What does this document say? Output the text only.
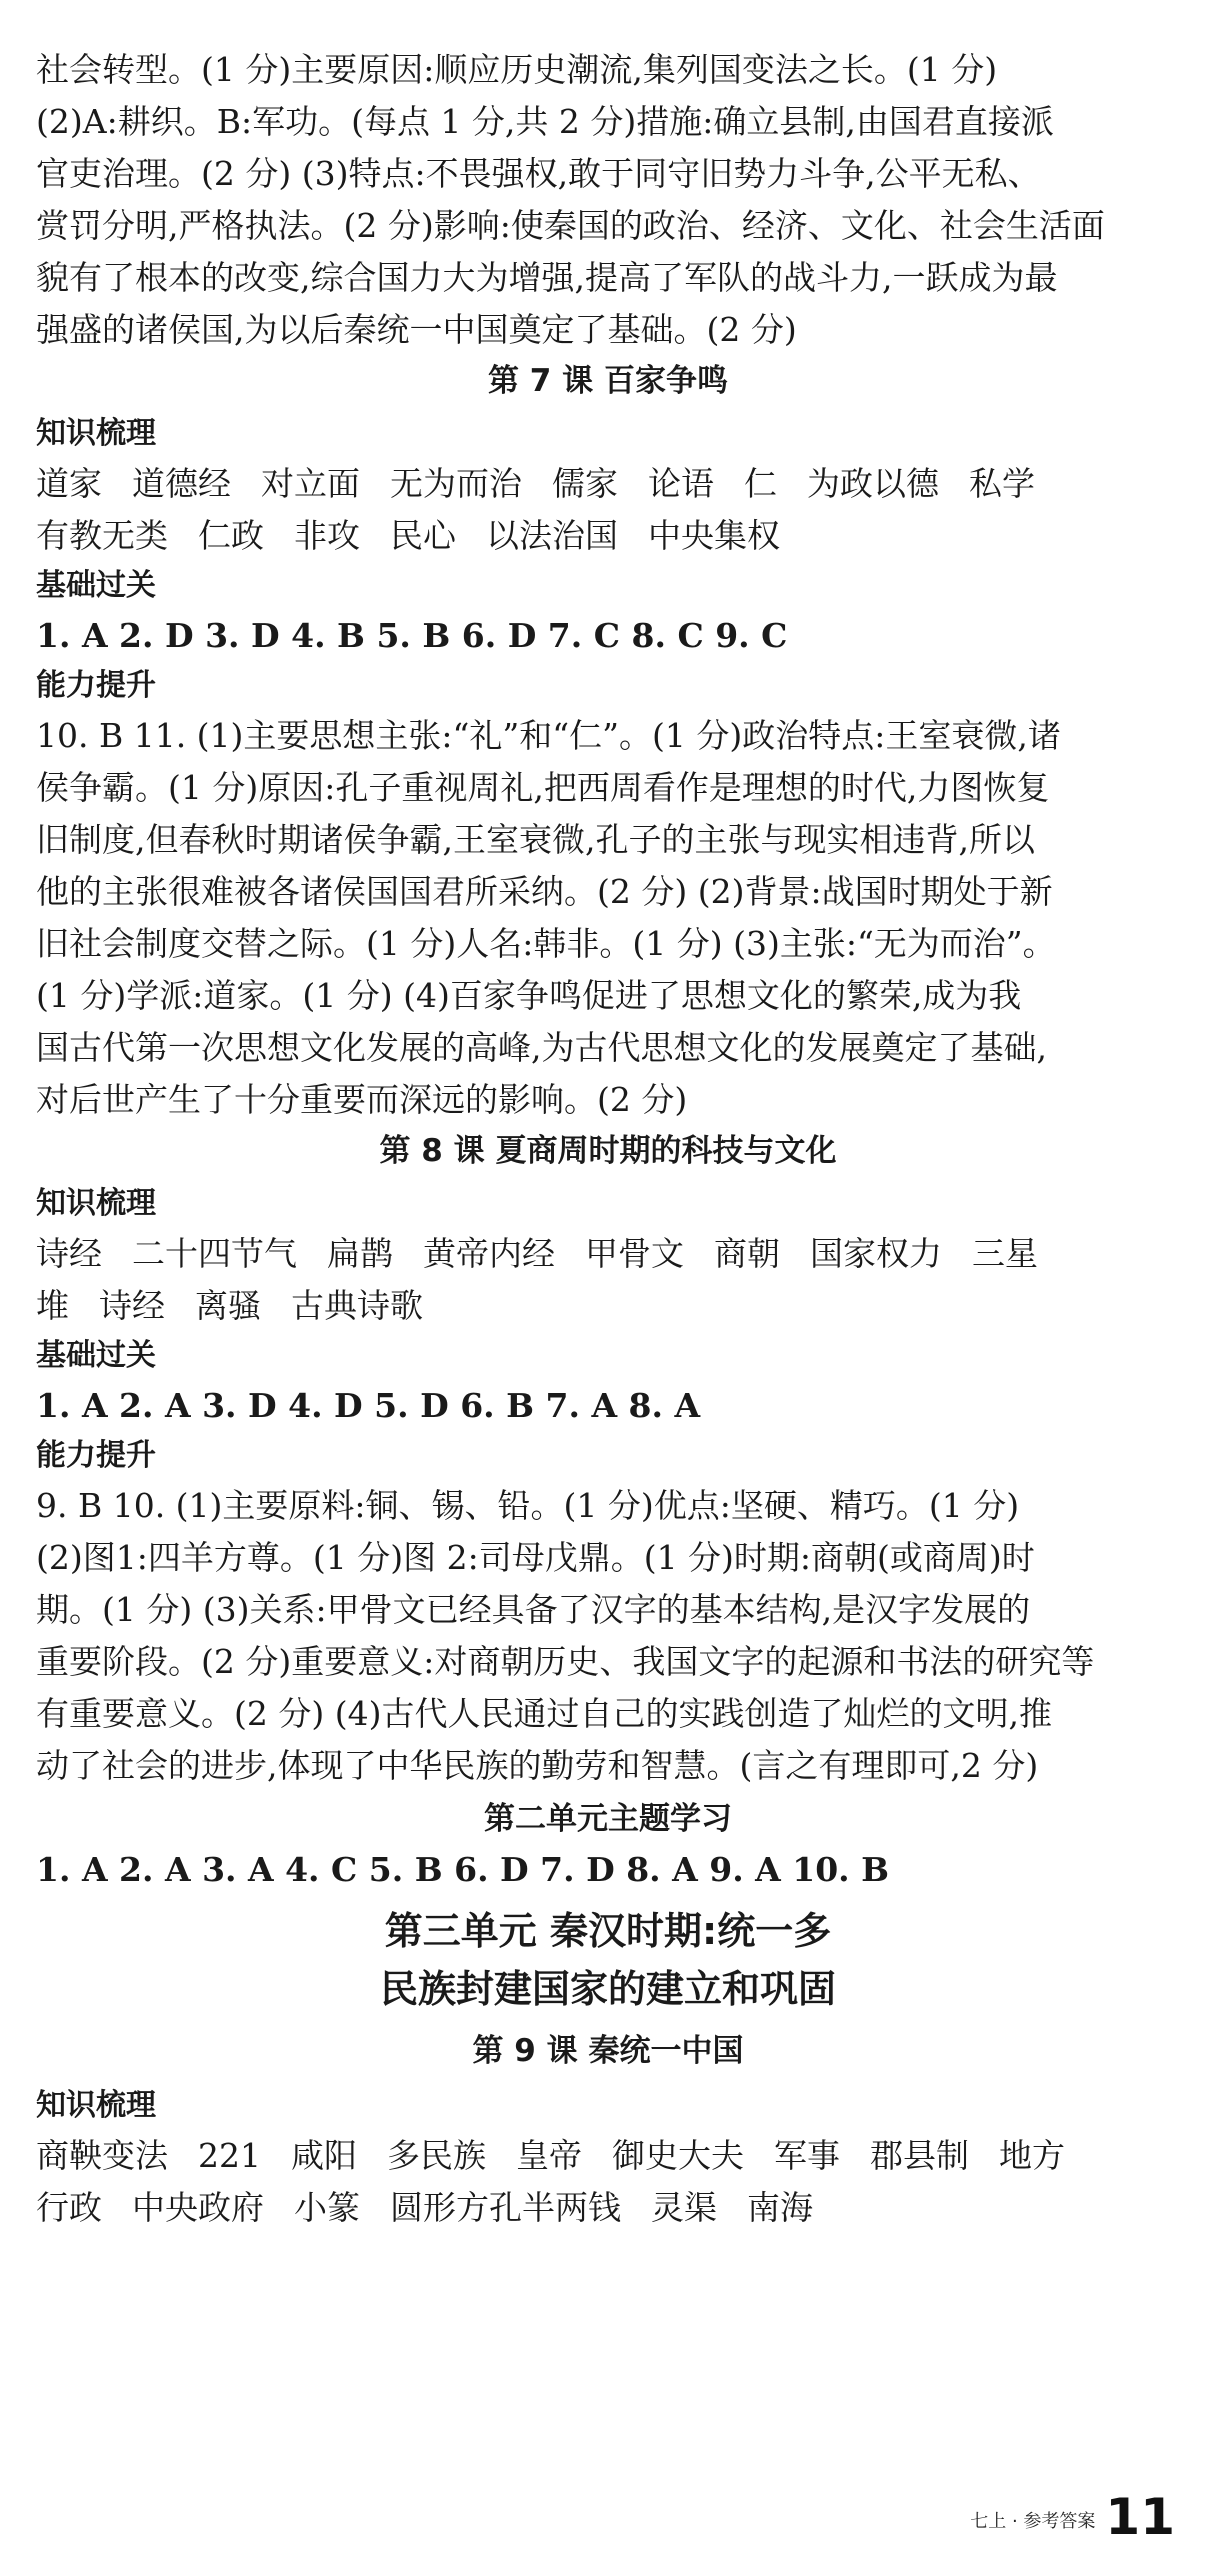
社会转型。(1 分)主要原因:顺应历史潮流,集列国变法之长。(1 分)
(2)A:耕织。B:军功。(每点 1 分,共 2 分)措施:确立县制,由国君直接派
官吏治理。(2 分) (3)特点:不畏强权,敢于同守旧势力斗争,公平无私、
赏罚分明,严格执法。(2 分)影响:使秦国的政治、经济、文化、社会生活面
貌有了根本的改变,综合国力大为增强,提高了军队的战斗力,一跃成为最
强盛的诸侯国,为以后秦统一中国奠定了基础。(2 分)
第 7 课 百家争鸣
知识梳理
道家 道德经 对立面 无为而治 儒家 论语 仁 为政以德 私学
有教无类 仁政 非攻 民心 以法治国 中央集权
基础过关
1. A 2. D 3. D 4. B 5. B 6. D 7. C 8. C 9. C
能力提升
10. B 11. (1)主要思想主张:“礼”和“仁”。(1 分)政治特点:王室衰微,诸
侯争霸。(1 分)原因:孔子重视周礼,把西周看作是理想的时代,力图恢复
旧制度,但春秋时期诸侯争霸,王室衰微,孔子的主张与现实相违背,所以
他的主张很难被各诸侯国国君所采纳。(2 分) (2)背景:战国时期处于新
旧社会制度交替之际。(1 分)人名:韩非。(1 分) (3)主张:“无为而治”。
(1 分)学派:道家。(1 分) (4)百家争鸣促进了思想文化的繁荣,成为我
国古代第一次思想文化发展的高峰,为古代思想文化的发展奠定了基础,
对后世产生了十分重要而深远的影响。(2 分)
第 8 课 夏商周时期的科技与文化
知识梳理
诗经 二十四节气 扁鹊 黄帝内经 甲骨文 商朝 国家权力 三星
堆 诗经 离骚 古典诗歌
基础过关
1. A 2. A 3. D 4. D 5. D 6. B 7. A 8. A
能力提升
9. B 10. (1)主要原料:铜、锡、铅。(1 分)优点:坚硬、精巧。(1 分)
(2)图1:四羊方尊。(1 分)图 2:司母戊鼎。(1 分)时期:商朝(或商周)时
期。(1 分) (3)关系:甲骨文已经具备了汉字的基本结构,是汉字发展的
重要阶段。(2 分)重要意义:对商朝历史、我国文字的起源和书法的研究等
有重要意义。(2 分) (4)古代人民通过自己的实践创造了灿烂的文明,推
动了社会的进步,体现了中华民族的勤劳和智慧。(言之有理即可,2 分)
第二单元主题学习
1. A 2. A 3. A 4. C 5. B 6. D 7. D 8. A 9. A 10. B
第三单元 秦汉时期:统一多
民族封建国家的建立和巩固
第 9 课 秦统一中国
知识梳理
商鞅变法 221 咸阳 多民族 皇帝 御史大夫 军事 郡县制 地方
行政 中央政府 小篆 圆形方孔半两钱 灵渠 南海
七上 · 参考答案 11
